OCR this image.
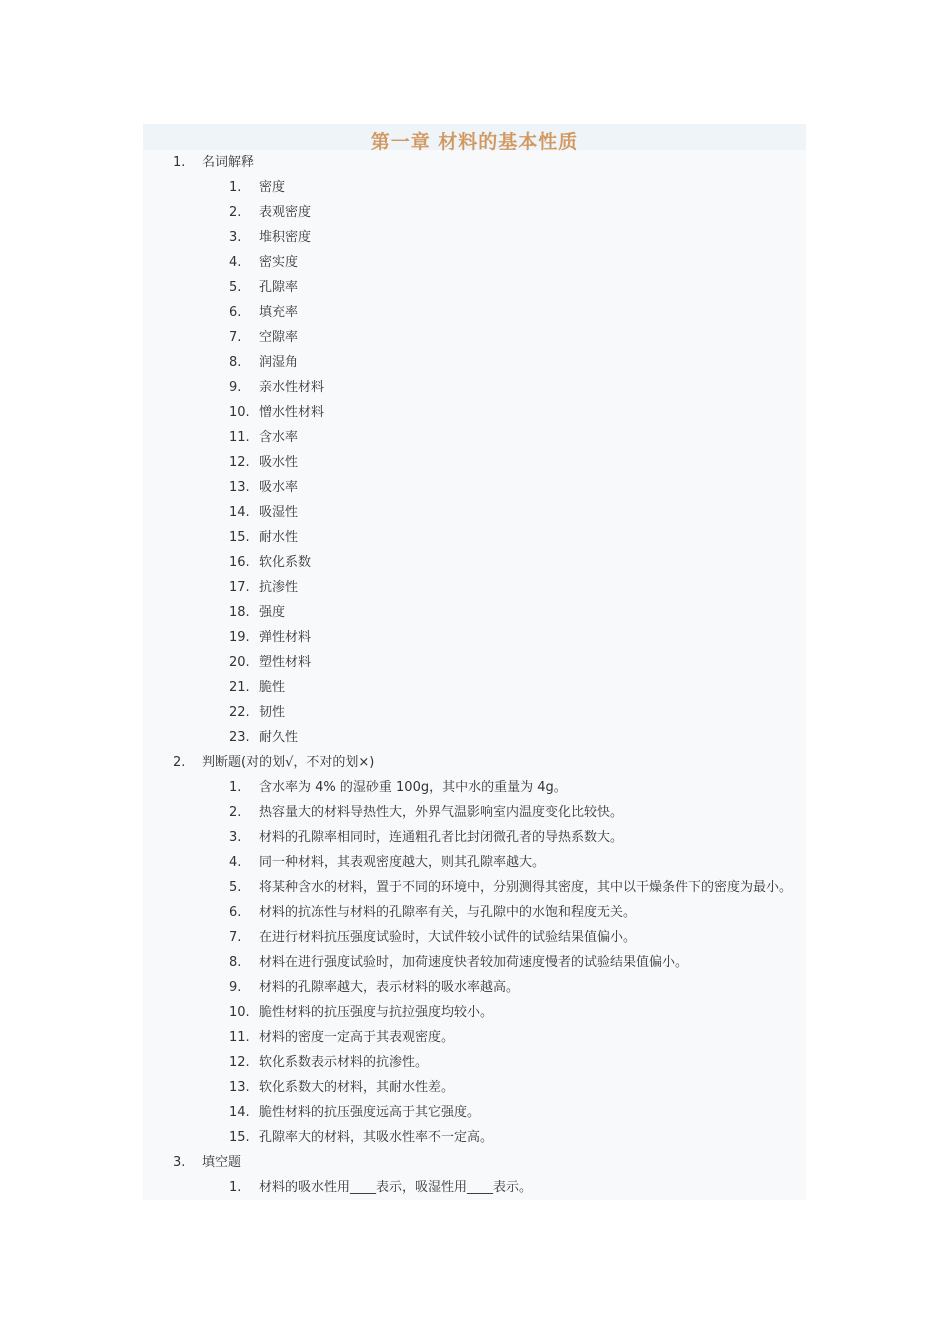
第一章 材料的基本性质
1. 名词解释
1. 密度
2. 表观密度
3. 堆积密度
4. 密实度
5. 孔隙率
6. 填充率
7. 空隙率
8. 润湿角
9. 亲水性材料
10. 憎水性材料
11. 含水率
12. 吸水性
13. 吸水率
14. 吸湿性
15. 耐水性
16. 软化系数
17. 抗渗性
18. 强度
19. 弹性材料
20. 塑性材料
21. 脆性
22. 韧性
23. 耐久性
2. 判断题(对的划√，不对的划×)
1. 含水率为 4% 的湿砂重 100g，其中水的重量为 4g。
2. 热容量大的材料导热性大，外界气温影响室内温度变化比较快。
3. 材料的孔隙率相同时，连通粗孔者比封闭微孔者的导热系数大。
4. 同一种材料，其表观密度越大，则其孔隙率越大。
5. 将某种含水的材料，置于不同的环境中，分别测得其密度，其中以干燥条件下的密度为最小。
6. 材料的抗冻性与材料的孔隙率有关，与孔隙中的水饱和程度无关。
7. 在进行材料抗压强度试验时，大试件较小试件的试验结果值偏小。
8. 材料在进行强度试验时，加荷速度快者较加荷速度慢者的试验结果值偏小。
9. 材料的孔隙率越大，表示材料的吸水率越高。
10. 脆性材料的抗压强度与抗拉强度均较小。
11. 材料的密度一定高于其表观密度。
12. 软化系数表示材料的抗渗性。
13. 软化系数大的材料，其耐水性差。
14. 脆性材料的抗压强度远高于其它强度。
15. 孔隙率大的材料，其吸水性率不一定高。
3. 填空题
1. 材料的吸水性用____表示，吸湿性用____表示。
